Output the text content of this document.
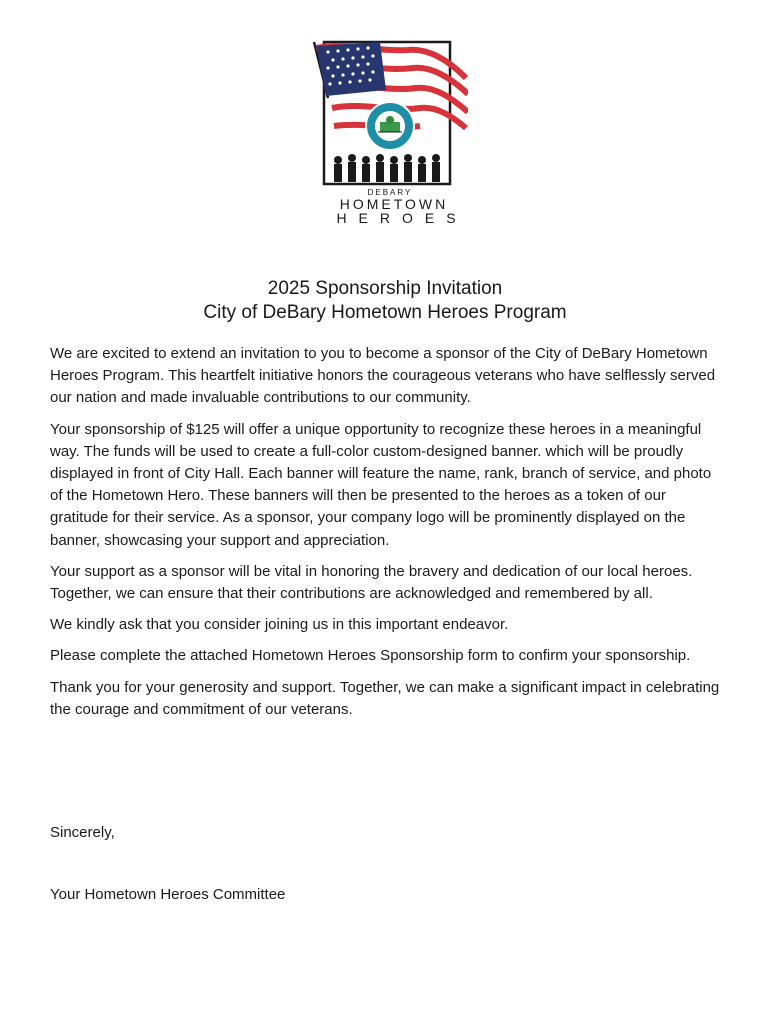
DEBARY
HOMETOWN
HEROES
2025 Sponsorship Invitation
City of DeBary Hometown Heroes Program

We are excited to extend an invitation to you to become a sponsor of the City of DeBary Hometown Heroes Program. This heartfelt initiative honors the courageous veterans who have selflessly served our nation and made invaluable contributions to our community.

Your sponsorship of $125 will offer a unique opportunity to recognize these heroes in a meaningful way. The funds will be used to create a full-color custom-designed banner. which will be proudly displayed in front of City Hall. Each banner will feature the name, rank, branch of service, and photo of the Hometown Hero. These banners will then be presented to the heroes as a token of our gratitude for their service. As a sponsor, your company logo will be prominently displayed on the banner, showcasing your support and appreciation.

Your support as a sponsor will be vital in honoring the bravery and dedication of our local heroes. Together, we can ensure that their contributions are acknowledged and remembered by all.

We kindly ask that you consider joining us in this important endeavor.

Please complete the attached Hometown Heroes Sponsorship form to confirm your sponsorship.

Thank you for your generosity and support. Together, we can make a significant impact in celebrating the courage and commitment of our veterans.

Sincerely,
Your Hometown Heroes Committee
